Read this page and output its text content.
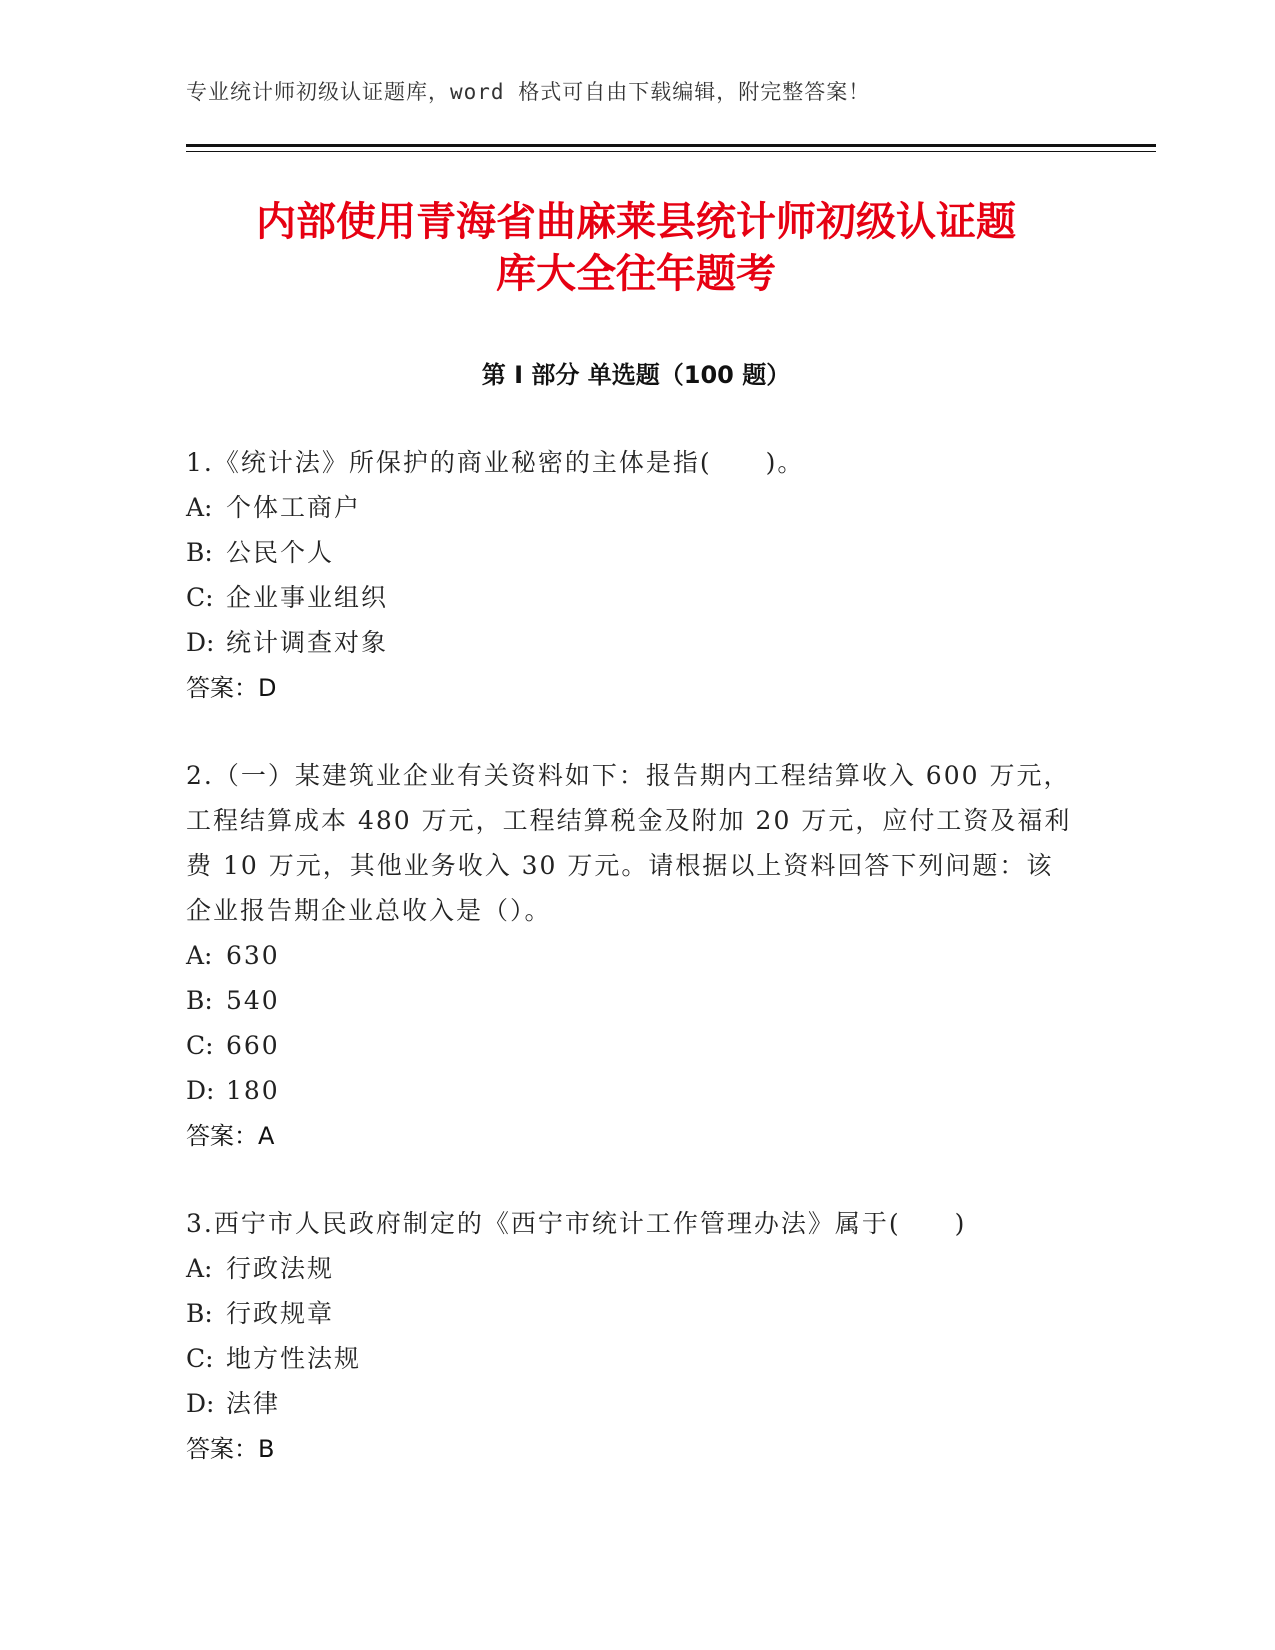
专业统计师初级认证题库，word 格式可自由下载编辑，附完整答案！
内部使用青海省曲麻莱县统计师初级认证题
库大全往年题考
第 I 部分 单选题（100 题）

1.《统计法》所保护的商业秘密的主体是指(　　)。

A: 个体工商户

B: 公民个人

C: 企业事业组织

D: 统计调查对象

答案：D

2.（一）某建筑业企业有关资料如下：报告期内工程结算收入 600 万元，工程结算成本 480 万元，工程结算税金及附加 20 万元，应付工资及福利费 10 万元，其他业务收入 30 万元。请根据以上资料回答下列问题：该企业报告期企业总收入是（）。

A: 630

B: 540

C: 660

D: 180

答案：A

3.西宁市人民政府制定的《西宁市统计工作管理办法》属于(　　)

A: 行政法规

B: 行政规章

C: 地方性法规

D: 法律

答案：B
